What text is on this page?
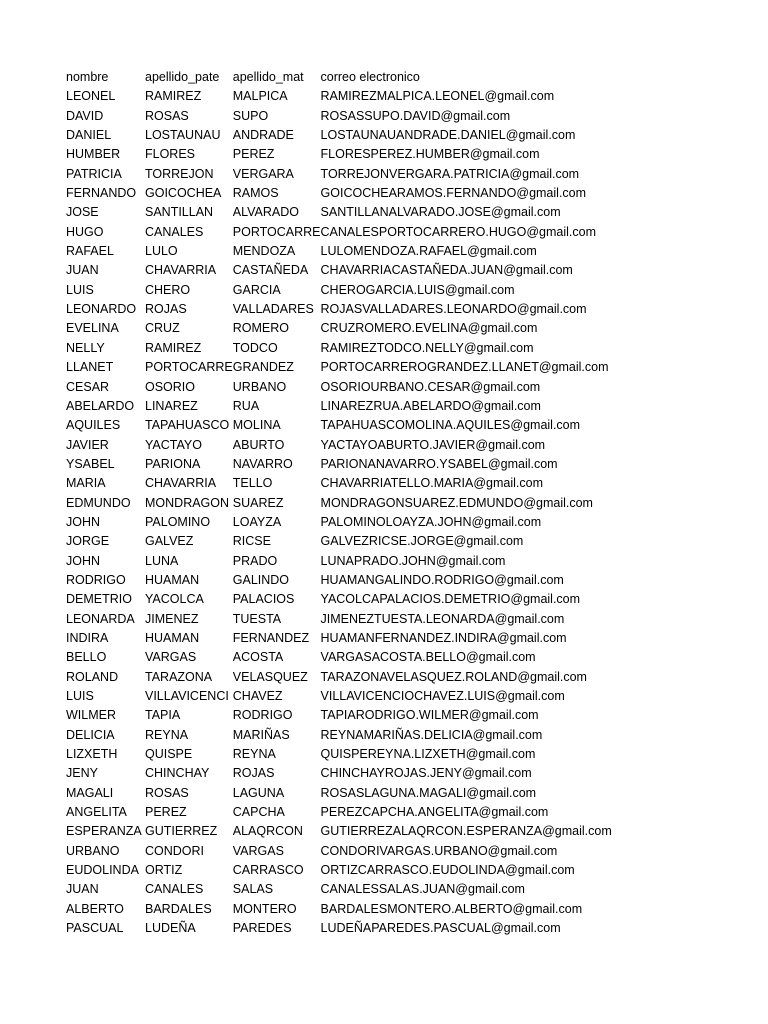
nombre	apellido_pate	apellido_mat	correo electronico
LEONEL	RAMIREZ	MALPICA	RAMIREZMALPICA.LEONEL@gmail.com
DAVID	ROSAS	SUPO	ROSASSUPO.DAVID@gmail.com
DANIEL	LOSTAUNAU	ANDRADE	LOSTAUNAUANDRADE.DANIEL@gmail.com
HUMBER	FLORES	PEREZ	FLORESPEREZ.HUMBER@gmail.com
PATRICIA	TORREJON	VERGARA	TORREJONVERGARA.PATRICIA@gmail.com
FERNANDO	GOICOCHEA	RAMOS	GOICOCHEARAMOS.FERNANDO@gmail.com
JOSE	SANTILLAN	ALVARADO	SANTILLANALVARADO.JOSE@gmail.com
HUGO	CANALES	PORTOCARRE	CANALESPORTOCARRERO.HUGO@gmail.com
RAFAEL	LULO	MENDOZA	LULOMENDOZA.RAFAEL@gmail.com
JUAN	CHAVARRIA	CASTAÑEDA	CHAVARRIACASTAÑEDA.JUAN@gmail.com
LUIS	CHERO	GARCIA	CHEROGARCIA.LUIS@gmail.com
LEONARDO	ROJAS	VALLADARES	ROJASVALLADARES.LEONARDO@gmail.com
EVELINA	CRUZ	ROMERO	CRUZROMERO.EVELINA@gmail.com
NELLY	RAMIREZ	TODCO	RAMIREZTODCO.NELLY@gmail.com
LLANET	PORTOCARRE	GRANDEZ	PORTOCARREROGRANDEZ.LLANET@gmail.com
CESAR	OSORIO	URBANO	OSORIOURBANO.CESAR@gmail.com
ABELARDO	LINAREZ	RUA	LINAREZRUA.ABELARDO@gmail.com
AQUILES	TAPAHUASCO	MOLINA	TAPAHUASCOMOLINA.AQUILES@gmail.com
JAVIER	YACTAYO	ABURTO	YACTAYOABURTO.JAVIER@gmail.com
YSABEL	PARIONA	NAVARRO	PARIONANAVARRO.YSABEL@gmail.com
MARIA	CHAVARRIA	TELLO	CHAVARRIATELLO.MARIA@gmail.com
EDMUNDO	MONDRAGON	SUAREZ	MONDRAGONSUAREZ.EDMUNDO@gmail.com
JOHN	PALOMINO	LOAYZA	PALOMINOLOAYZA.JOHN@gmail.com
JORGE	GALVEZ	RICSE	GALVEZRICSE.JORGE@gmail.com
JOHN	LUNA	PRADO	LUNAPRADO.JOHN@gmail.com
RODRIGO	HUAMAN	GALINDO	HUAMANGALINDO.RODRIGO@gmail.com
DEMETRIO	YACOLCA	PALACIOS	YACOLCAPALACIOS.DEMETRIO@gmail.com
LEONARDA	JIMENEZ	TUESTA	JIMENEZTUESTA.LEONARDA@gmail.com
INDIRA	HUAMAN	FERNANDEZ	HUAMANFERNANDEZ.INDIRA@gmail.com
BELLO	VARGAS	ACOSTA	VARGASACOSTA.BELLO@gmail.com
ROLAND	TARAZONA	VELASQUEZ	TARAZONAVELASQUEZ.ROLAND@gmail.com
LUIS	VILLAVICENCI	CHAVEZ	VILLAVICENCIOCHAVEZ.LUIS@gmail.com
WILMER	TAPIA	RODRIGO	TAPIARODRIGO.WILMER@gmail.com
DELICIA	REYNA	MARIÑAS	REYNAMARIÑAS.DELICIA@gmail.com
LIZXETH	QUISPE	REYNA	QUISPEREYNA.LIZXETH@gmail.com
JENY	CHINCHAY	ROJAS	CHINCHAYROJAS.JENY@gmail.com
MAGALI	ROSAS	LAGUNA	ROSASLAGUNA.MAGALI@gmail.com
ANGELITA	PEREZ	CAPCHA	PEREZCAPCHA.ANGELITA@gmail.com
ESPERANZA	GUTIERREZ	ALAQRCON	GUTIERREZALAQRCON.ESPERANZA@gmail.com
URBANO	CONDORI	VARGAS	CONDORIVARGAS.URBANO@gmail.com
EUDOLINDA	ORTIZ	CARRASCO	ORTIZCARRASCO.EUDOLINDA@gmail.com
JUAN	CANALES	SALAS	CANALESSALAS.JUAN@gmail.com
ALBERTO	BARDALES	MONTERO	BARDALESMONTERO.ALBERTO@gmail.com
PASCUAL	LUDEÑA	PAREDES	LUDEÑAPAREDES.PASCUAL@gmail.com
